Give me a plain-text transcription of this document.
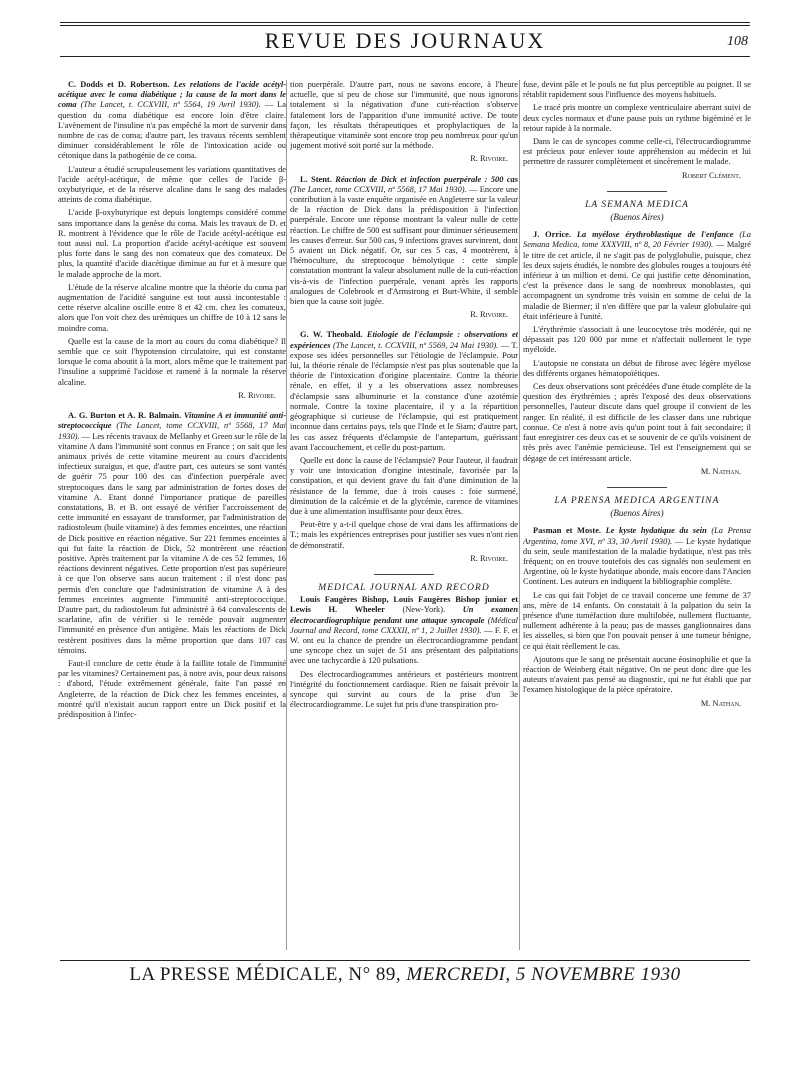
REVUE DES JOURNAUX	108

C. Dodds et D. Robertson. Les relations de l'acide acétyl-acétique avec le coma diabétique ; la cause de la mort dans le coma (The Lancet, t. CCXVIII, nº 5564, 19 Avril 1930). — La question du coma diabétique est encore loin d'être claire. L'avènement de l'insuline n'a pas empêché la mort de survenir dans nombre de cas de coma; d'autre part, les travaux récents semblent diminuer considérablement le rôle de l'intoxication acide ou cétonique dans la pathogénie de ce coma.

L'auteur a étudié scrupuleusement les variations quantitatives de l'acide acétyl-acétique, de même que celles de l'acide β-oxybutyrique, et de la réserve alcaline dans le sang des malades atteints de coma diabétique.

L'acide β-oxybutyrique est depuis longtemps considéré comme sans importance dans la genèse du coma. Mais les travaux de D. et R. montrent à l'évidence que le rôle de l'acide acétyl-acétique est tout aussi nul. La proportion d'acide acétyl-acétique est souvent plus forte dans le sang des non comateux que des comateux. De plus, la quantité d'acide diacétique diminue au fur et à mesure que le malade approche de la mort.

L'étude de la réserve alcaline montre que la théorie du coma par augmentation de l'acidité sanguine est tout aussi incontestable : cette réserve alcaline oscille entre 8 et 42 cm. chez les comateux, alors que l'on voit chez des urémiques un chiffre de 10 à 12 sans le moindre coma.

Quelle est la cause de la mort au cours du coma diabétique? Il semble que ce soit l'hypotension circulatoire, qui est constante lorsque le coma aboutit à la mort, alors même que le traitement par l'insuline a supprimé l'acidose et ramené à la normale la réserve alcaline.

R. Rivoire.

A. G. Burton et A. R. Balmain. Vitamine A et immunité anti-streptococcique (The Lancet, tome CCXVIII, nº 5568, 17 Mai 1930). — Les récents travaux de Mellanby et Green sur le rôle de la vitamine A dans l'immunité sont connus en France ; on sait que les animaux privés de cette vitamine meurent au cours d'accidents infectieux suraigus, et que, d'autre part, ces auteurs se sont vantés de guérir 75 pour 100 des cas d'infection puerpérale avec streptocoques dans le sang par administration de fortes doses de vitamine A. Etant donné l'importance pratique de pareilles constatations, B. et B. ont essayé de vérifier l'accroissement de cette immunité en essayant de transformer, par l'administration de radiostoleum (huile vitamine) à des femmes enceintes, une réaction de Dick positive en réaction négative. Sur 221 femmes enceintes à qui fut faite la réaction de Dick, 52 montrèrent une réaction positive. Après traitement par la vitamine A de ces 52 femmes, 16 réactions devinrent négatives. Cette proportion n'est pas supérieure à ce que l'on observe sans aucun traitement : il n'est donc pas permis d'en conclure que l'administration de vitamine A à des femmes enceintes augmente l'immunité anti-streptococcique. D'autre part, du radiostoleum fut administré à 64 convalescents de scarlatine, afin de vérifier si le remède pouvait augmenter l'immunité en présence d'un antigène. Mais les réactions de Dick restèrent positives dans la même proportion que dans 107 cas témoins.

Faut-il conclure de cette étude à la faillite totale de l'immunité par les vitamines? Certainement pas, à notre avis, pour deux raisons : d'abord, l'étude extrêmement générale, faite l'an passé en Angleterre, de la réaction de Dick chez les femmes enceintes, a montré qu'il n'existait aucun rapport entre un Dick positif et la prédisposition à l'infec-

tion puerpérale. D'autre part, nous ne savons encore, à l'heure actuelle, que si peu de chose sur l'immunité, que nous ignorons totalement si la négativation d'une cuti-réaction s'observe fatalement lors de l'apparition d'une immunité active. De toute façon, les résultats thérapeutiques et prophylactiques de la thérapeutique vitaminée sont encore trop peu nombreux pour qu'un jugement motivé soit porté sur la méthode.

R. Rivoire.

L. Stent. Réaction de Dick et infection puerpérale : 500 cas (The Lancet, tome CCXVIII, nº 5568, 17 Mai 1930). — Encore une contribution à la vaste enquête organisée en Angleterre sur la valeur de la réaction de Dick dans la prédisposition à l'infection puerpérale. Encore une réponse montrant la valeur nulle de cette réaction. Le chiffre de 500 est suffisant pour diminuer sérieusement les causes d'erreur. Sur 500 cas, 9 infections graves survinrent, dont 5 avaient un Dick négatif. Or, sur ces 5 cas, 4 montrèrent, à l'hémoculture, du streptocoque hémolytique : cette simple constatation montrant la valeur absolument nulle de la cuti-réaction vis-à-vis de l'infection puerpérale, venant après les rapports analogues de Colebrook et d'Armstrong et Burt-White, il semble bien que la cause soit jugée.

R. Rivoire.

G. W. Theobald. Etiologie de l'éclampsie : observations et expériences (The Lancet, t. CCXVIII, nº 5569, 24 Mai 1930). — T. expose ses idées personnelles sur l'étiologie de l'éclampsie. Pour lui, la théorie rénale de l'éclampsie n'est pas plus soutenable que la théorie de l'intoxication d'origine placentaire. Contre la théorie rénale, en effet, il y a les observations assez nombreuses d'éclampsie sans albuminurie et la constance d'une azotémie normale. Contre la toxine placentaire, il y a la répartition géographique si curieuse de l'éclampsie, qui est pratiquement inconnue dans certains pays, tels que l'Inde et le Siam; d'autre part, les cas assez fréquents d'éclampsie de l'antepartum, guérissant avant l'accouchement, et celle du post-partum.

Quelle est donc la cause de l'éclampsie? Pour l'auteur, il faudrait y voir une intoxication d'origine intestinale, favorisée par la constipation, et qui devient grave du fait d'une diminution de la résistance de la femme, due à trois causes : foie surmené, diminution de la calcémie et de la glycémie, carence de vitamines due à une alimentation insuffisante pour deux êtres.

Peut-être y a-t-il quelque chose de vrai dans les affirmations de T.; mais les expériences entreprises pour justifier ses vues n'ont rien de démonstratif.

R. Rivoire.

MEDICAL JOURNAL AND RECORD

Louis Faugères Bishop, Louis Faugères Bishop junior et Lewis H. Wheeler (New-York). Un examen électrocardiographique pendant une attaque syncopale (Médical Journal and Record, tome CXXXII, nº 1, 2 Juillet 1930). — F. F. et W. ont eu la chance de prendre un électrocardiogramme pendant une syncope chez un sujet de 51 ans présentant des palpitations avec une tachycardie à 120 pulsations.

Des électrocardiogrammes antérieurs et postérieurs montrent l'intégrité du fonctionnement cardiaque. Rien ne faisait prévoir la syncope qui survint au cours de la prise d'un 3e électrocardiogramme. Le sujet fut pris d'une transpiration pro-

fuse, devint pâle et le pouls ne fut plus perceptible au poignet. Il se rétablit rapidement sous l'influence des moyens habituels.

Le tracé pris montre un complexe ventriculaire aberrant suivi de deux cycles normaux et d'une pause puis un rythme bigéminé et le retour rapide à la normale.

Dans le cas de syncopes comme celle-ci, l'électrocardiogramme est précieux pour enlever toute appréhension au médecin et lui permettre de rassurer complètement et sincèrement le malade.

Robert Clément.

LA SEMANA MEDICA

(Buenos Aires)

J. Orrice. La myélose érythroblastique de l'enfance (La Semana Medica, tome XXXVIII, nº 8, 20 Février 1930). — Malgré le titre de cet article, il ne s'agit pas de polyglobulie, puisque, chez les deux sujets étudiés, le nombre des globules rouges a toujours été inférieur à un million et demi. Ce qui justifie cette dénomination, c'est la présence dans le sang de nombreux monoblastes, qui accompagnent un syndrome très voisin en somme de celui de la maladie de Biermer; il n'en diffère que par la valeur globulaire qui était inférieure à l'unité.

L'érythrémie s'associait à une leucocytose très modérée, qui ne dépassait pas 120 000 par mme et n'affectait nullement le type myéloïde.

L'autopsie ne constata un début de fibrose avec légère myélose des différents organes hématopoïétiques.

Ces deux observations sont précédées d'une étude complète de la question des érythrémies ; après l'exposé des deux observations personnelles, l'auteur discute dans quel groupe il convient de les ranger. En réalité, il est difficile de les classer dans une rubrique connue. Ce n'est à notre avis qu'un point tout à fait secondaire; il faut enregistrer ces deux cas et se souvenir de ce qu'ils voisinent de très près avec l'anémie pernicieuse. Tel est l'enseignement qui se dégage de cet intéressant article.

M. Nathan.

LA PRENSA MEDICA ARGENTINA

(Buenos Aires)

Pasman et Moste. Le kyste hydatique du sein (La Prensa Argentina, tome XVI, nº 33, 30 Avril 1930). — Le kyste hydatique du sein, seule manifestation de la maladie hydatique, n'est pas très fréquent; on en trouve toutefois des cas signalés non seulement en Argentine, où le kyste hydatique abonde, mais encore dans l'Ancien Continent. Les auteurs en indiquent la bibliographie complète.

Le cas qui fait l'objet de ce travail concerne une femme de 37 ans, mère de 14 enfants. On constatait à la palpation du sein la présence d'une tuméfaction dure multilobée, nullement fluctuante, nullement adhérente à la peau; pas de masses ganglionnaires dans les aisselles, si bien que l'on pouvait penser à une tumeur bénigne, ce qui était réellement le cas.

Ajoutons que le sang ne présentait aucune éosinophilie et que la réaction de Weinberg était négative. On ne peut donc dire que les auteurs n'avaient pas pensé au diagnostic, qui ne fut établi que par l'examen histologique de la pièce opératoire.

M. Nathan.

LA PRESSE MÉDICALE, N° 89, MERCREDI, 5 NOVEMBRE 1930
